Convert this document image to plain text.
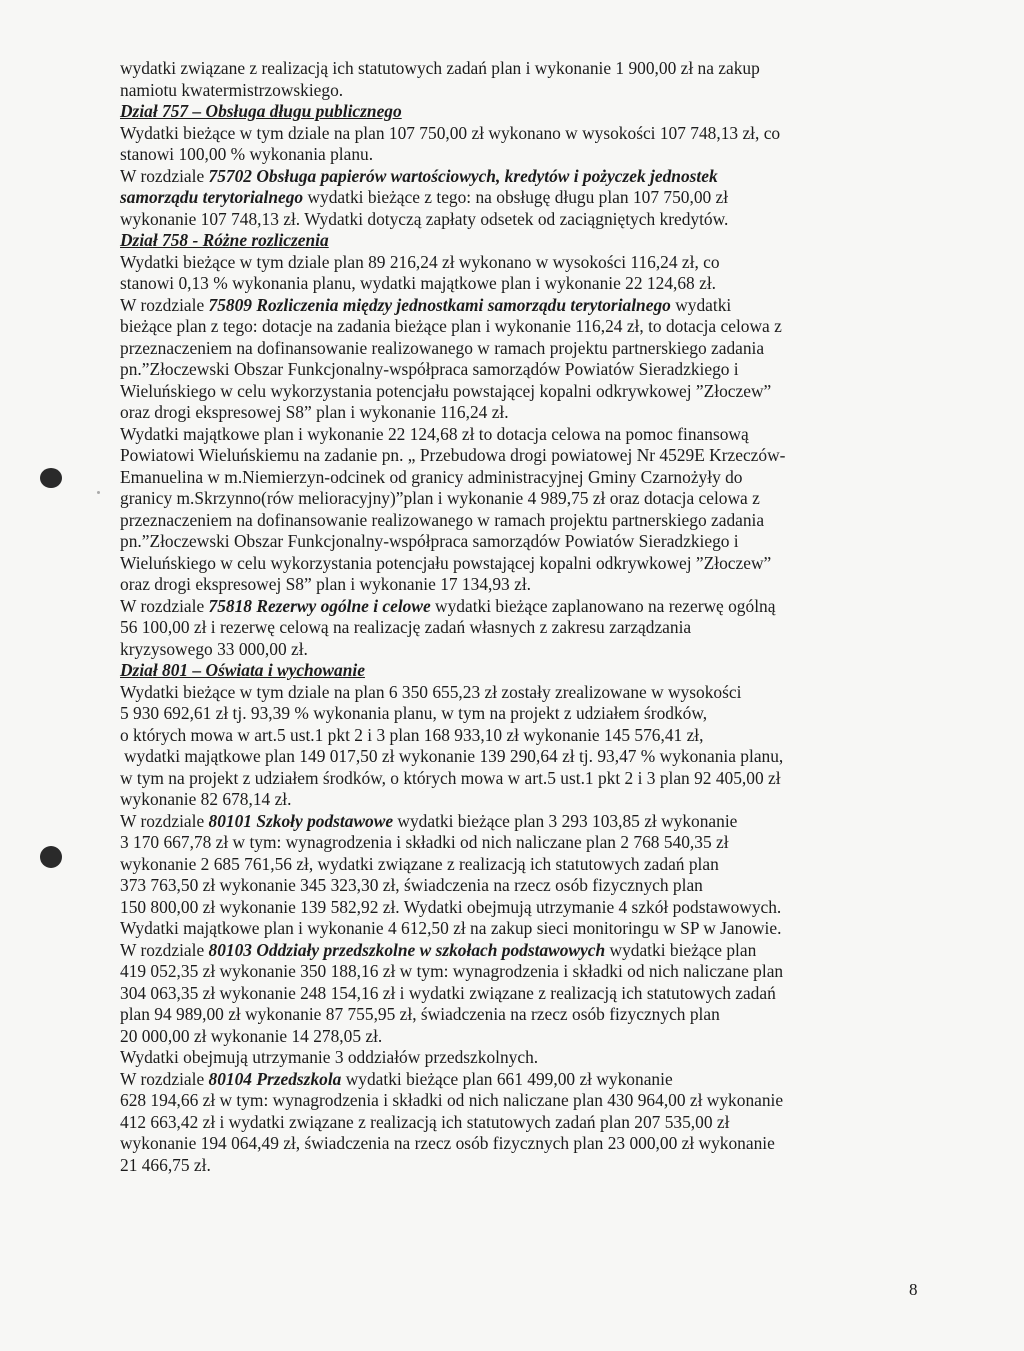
wydatki związane z realizacją ich statutowych zadań plan i wykonanie 1 900,00 zł na zakup
namiotu kwatermistrzowskiego.
Dział 757 – Obsługa długu publicznego
Wydatki bieżące w tym dziale na plan 107 750,00 zł wykonano w wysokości 107 748,13 zł, co
stanowi 100,00 % wykonania planu.
W rozdziale 75702 Obsługa papierów wartościowych, kredytów i pożyczek jednostek
samorządu terytorialnego wydatki bieżące z tego: na obsługę długu plan 107 750,00 zł
wykonanie 107 748,13 zł. Wydatki dotyczą zapłaty odsetek od zaciągniętych kredytów.
Dział 758 - Różne rozliczenia
Wydatki bieżące w tym dziale plan 89 216,24 zł wykonano w wysokości 116,24 zł, co
stanowi 0,13 % wykonania planu, wydatki majątkowe plan i wykonanie 22 124,68 zł.
W rozdziale 75809 Rozliczenia między jednostkami samorządu terytorialnego wydatki
bieżące plan z tego: dotacje na zadania bieżące plan i wykonanie 116,24 zł, to dotacja celowa z
przeznaczeniem na dofinansowanie realizowanego w ramach projektu partnerskiego zadania
pn.”Złoczewski Obszar Funkcjonalny-współpraca samorządów Powiatów Sieradzkiego i
Wieluńskiego w celu wykorzystania potencjału powstającej kopalni odkrywkowej ”Złoczew”
oraz drogi ekspresowej S8” plan i wykonanie 116,24 zł.
Wydatki majątkowe plan i wykonanie 22 124,68 zł to dotacja celowa na pomoc finansową
Powiatowi Wieluńskiemu na zadanie pn. „ Przebudowa drogi powiatowej Nr 4529E Krzeczów-
Emanuelina w m.Niemierzyn-odcinek od granicy administracyjnej Gminy Czarnożyły do
granicy m.Skrzynno(rów melioracyjny)”plan i wykonanie 4 989,75 zł oraz dotacja celowa z
przeznaczeniem na dofinansowanie realizowanego w ramach projektu partnerskiego zadania
pn.”Złoczewski Obszar Funkcjonalny-współpraca samorządów Powiatów Sieradzkiego i
Wieluńskiego w celu wykorzystania potencjału powstającej kopalni odkrywkowej ”Złoczew”
oraz drogi ekspresowej S8” plan i wykonanie 17 134,93 zł.
W rozdziale 75818 Rezerwy ogólne i celowe wydatki bieżące zaplanowano na rezerwę ogólną
56 100,00 zł i rezerwę celową na realizację zadań własnych z zakresu zarządzania
kryzysowego 33 000,00 zł.
Dział 801 – Oświata i wychowanie
Wydatki bieżące w tym dziale na plan 6 350 655,23 zł zostały zrealizowane w wysokości
5 930 692,61 zł tj. 93,39 % wykonania planu, w tym na projekt z udziałem środków,
o których mowa w art.5 ust.1 pkt 2 i 3 plan 168 933,10 zł wykonanie 145 576,41 zł,
wydatki majątkowe plan 149 017,50 zł wykonanie 139 290,64 zł tj. 93,47 % wykonania planu,
w tym na projekt z udziałem środków, o których mowa w art.5 ust.1 pkt 2 i 3 plan 92 405,00 zł
wykonanie 82 678,14 zł.
W rozdziale 80101 Szkoły podstawowe wydatki bieżące plan 3 293 103,85 zł wykonanie
3 170 667,78 zł w tym: wynagrodzenia i składki od nich naliczane plan 2 768 540,35 zł
wykonanie 2 685 761,56 zł, wydatki związane z realizacją ich statutowych zadań plan
373 763,50 zł wykonanie 345 323,30 zł, świadczenia na rzecz osób fizycznych plan
150 800,00 zł wykonanie 139 582,92 zł. Wydatki obejmują utrzymanie 4 szkół podstawowych.
Wydatki majątkowe plan i wykonanie 4 612,50 zł na zakup sieci monitoringu w SP w Janowie.
W rozdziale 80103 Oddziały przedszkolne w szkołach podstawowych wydatki bieżące plan
419 052,35 zł wykonanie 350 188,16 zł w tym: wynagrodzenia i składki od nich naliczane plan
304 063,35 zł wykonanie 248 154,16 zł i wydatki związane z realizacją ich statutowych zadań
plan 94 989,00 zł wykonanie 87 755,95 zł, świadczenia na rzecz osób fizycznych plan
20 000,00 zł wykonanie 14 278,05 zł.
Wydatki obejmują utrzymanie 3 oddziałów przedszkolnych.
W rozdziale 80104 Przedszkola wydatki bieżące plan 661 499,00 zł wykonanie
628 194,66 zł w tym: wynagrodzenia i składki od nich naliczane plan 430 964,00 zł wykonanie
412 663,42 zł i wydatki związane z realizacją ich statutowych zadań plan 207 535,00 zł
wykonanie 194 064,49 zł, świadczenia na rzecz osób fizycznych plan 23 000,00 zł wykonanie
21 466,75 zł.
8
